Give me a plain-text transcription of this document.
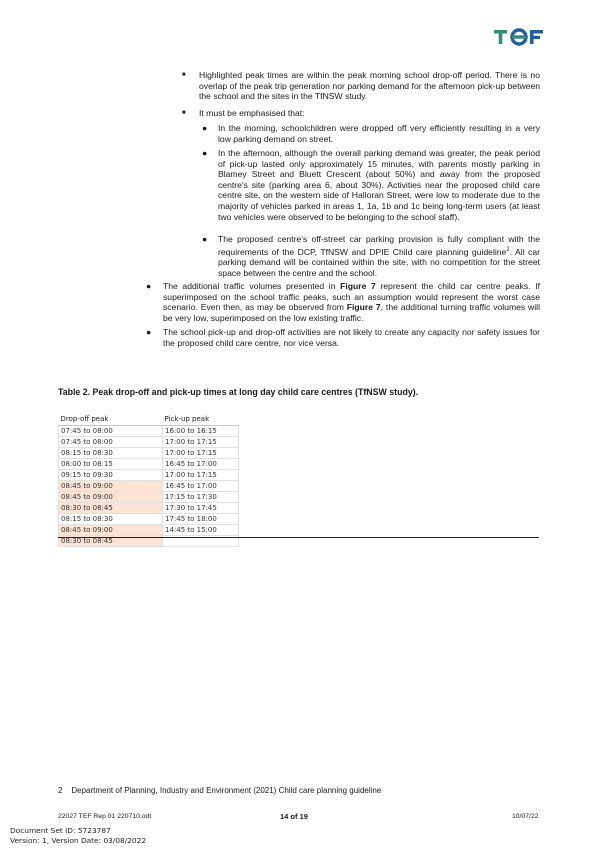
■ Highlighted peak times are within the peak morning school drop-off period. There is no overlap of the peak trip generation nor parking demand for the afternoon pick-up between the school and the sites in the TfNSW study.
■ It must be emphasised that:
● In the morning, schoolchildren were dropped off very efficiently resulting in a very low parking demand on street.
● In the afternoon, although the overall parking demand was greater, the peak period of pick-up lasted only approximately 15 minutes, with parents mostly parking in Blamey Street and Bluett Crescent (about 50%) and away from the proposed centre's site (parking area 6, about 30%). Activities near the proposed child care centre site, on the western side of Halloran Street, were low to moderate due to the majority of vehicles parked in areas 1, 1a, 1b and 1c being long-term users (at least two vehicles were observed to be belonging to the school staff).
● The proposed centre's off-street car parking provision is fully compliant with the requirements of the DCP, TfNSW and DPIE Child care planning guideline$^2$. All car parking demand will be contained within the site, with no competition for the street space between the centre and the school.
● The additional traffic volumes presented in Figure 7 represent the child car centre peaks. If superimposed on the school traffic peaks, such an assumption would represent the worst case scenario. Even then, as may be observed from Figure 7, the additional turning traffic volumes will be very low, superimposed on the low existing traffic.
● The school pick-up and drop-off activities are not likely to create any capacity nor safety issues for the proposed child care centre, nor vice versa.
Table 2. Peak drop-off and pick-up times at long day child care centres (TfNSW study).
Drop-off peak	Pick-up peak
07:45 to 08:00	16:00 to 16:15
07:45 to 08:00	17:00 to 17:15
08:15 to 08:30	17:00 to 17:15
08:00 to 08:15	16:45 to 17:00
09:15 to 09:30	17:00 to 17:15
08:45 to 09:00	16:45 to 17:00
08:45 to 09:00	17:15 to 17:30
08:30 to 08:45	17:30 to 17:45
08:15 to 08:30	17:45 to 18:00
08:45 to 09:00	14:45 to 15:00
08:30 to 08:45	
2 Department of Planning, Industry and Environment (2021) Child care planning guideline
22027 TEF Rep 01 220710.odt	14 of 19	10/07/22
Document Set ID: 5723787
Version: 1, Version Date: 03/08/2022
